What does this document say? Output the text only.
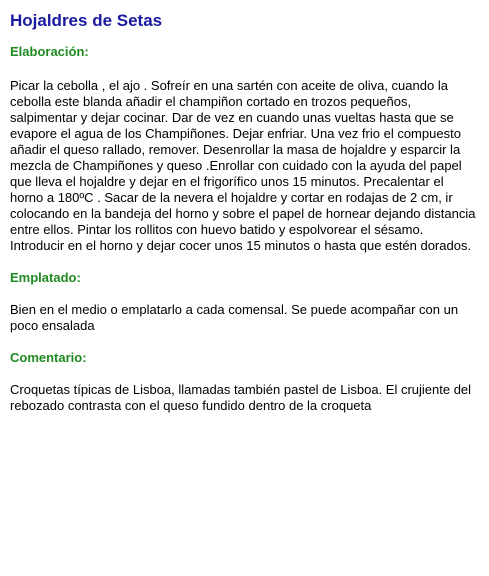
Hojaldres de Setas
Elaboración:

Picar la cebolla , el ajo . Sofreír en una sartén con aceite de oliva, cuando la cebolla este blanda añadir el champiñon cortado en trozos pequeños, salpimentar y dejar cocinar. Dar de vez en cuando unas vueltas hasta que se evapore el agua de los Champiñones. Dejar enfriar. Una vez frio el compuesto añadir el queso rallado, remover. Desenrollar la masa de hojaldre y esparcir la mezcla de Champiñones y queso .Enrollar con cuidado con la ayuda del papel que lleva el hojaldre y dejar en el frigorífico unos 15 minutos. Precalentar el horno a 180ºC . Sacar de la nevera el hojaldre y cortar en rodajas de 2 cm, ir colocando en la bandeja del horno y sobre el papel de hornear dejando distancia entre ellos. Pintar los rollitos con huevo batido y espolvorear el sésamo. Introducir en el horno y dejar cocer unos 15 minutos o hasta que estén dorados.

Emplatado:

Bien en el medio o emplatarlo a cada comensal. Se puede acompañar con un poco ensalada

Comentario:

Croquetas típicas de Lisboa, llamadas también pastel de Lisboa. El crujiente del rebozado contrasta con el queso fundido dentro de la croqueta
